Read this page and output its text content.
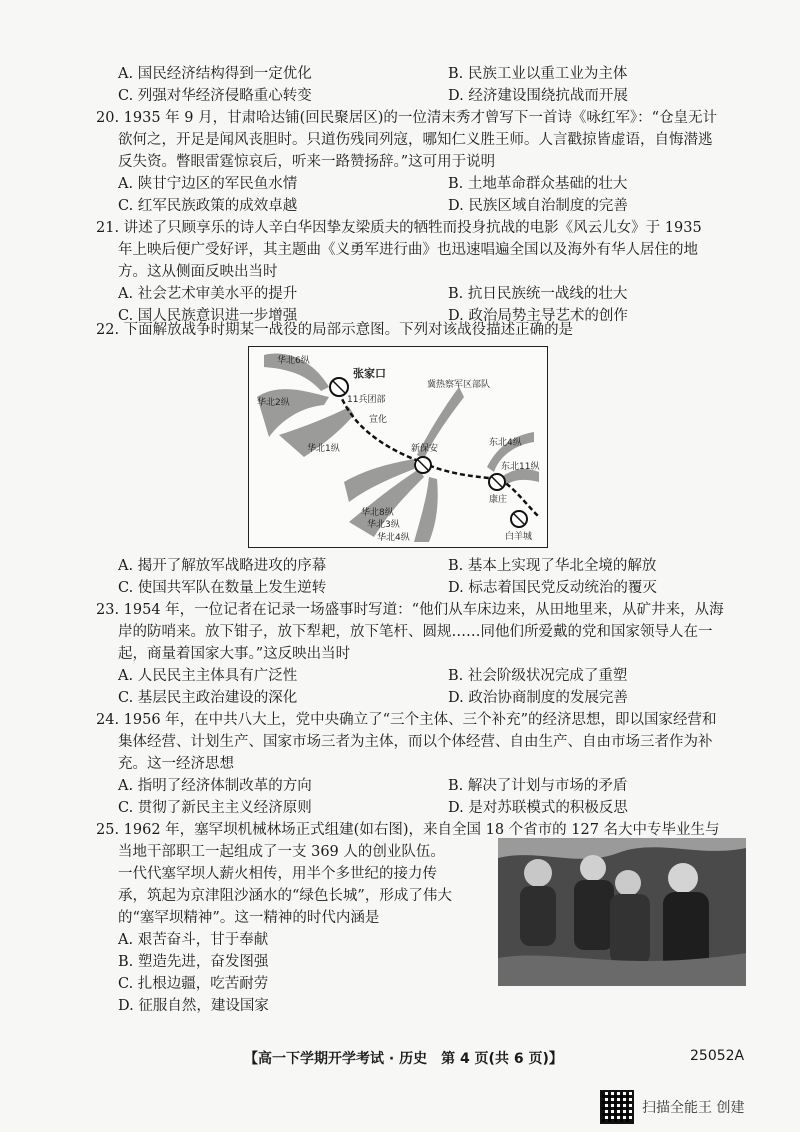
A. 国民经济结构得到一定优化	B. 民族工业以重工业为主体
C. 列强对华经济侵略重心转变	D. 经济建设围绕抗战而开展
20. 1935 年 9 月，甘肃哈达铺(回民聚居区)的一位清末秀才曾写下一首诗《咏红军》：“仓皇无计
欲何之，开足是闻风丧胆时。只道伤残同列寇，哪知仁义胜王师。人言戳掠皆虚语，自悔潜逃
反失资。瞥眼雷霆惊哀后，听来一路赞扬辞。”这可用于说明
A. 陕甘宁边区的军民鱼水情	B. 土地革命群众基础的壮大
C. 红军民族政策的成效卓越	D. 民族区域自治制度的完善
21. 讲述了只顾享乐的诗人辛白华因挚友梁质夫的牺牲而投身抗战的电影《风云儿女》于 1935
年上映后便广受好评，其主题曲《义勇军进行曲》也迅速唱遍全国以及海外有华人居住的地
方。这从侧面反映出当时
A. 社会艺术审美水平的提升	B. 抗日民族统一战线的壮大
C. 国人民族意识进一步增强	D. 政治局势主导艺术的创作
22. 下面解放战争时期某一战役的局部示意图。下列对该战役描述正确的是
华北6纵
张家口
华北2纵	11兵团部
宣化
冀热察军区部队
华北1纵	新保安
东北4纵
东北11纵
华北8纵
华北3纵
华北4纵
康庄
白羊城
A. 揭开了解放军战略进攻的序幕	B. 基本上实现了华北全境的解放
C. 使国共军队在数量上发生逆转	D. 标志着国民党反动统治的覆灭
23. 1954 年，一位记者在记录一场盛事时写道：“他们从车床边来，从田地里来，从矿井来，从海
岸的防哨来。放下钳子，放下犁耙，放下笔杆、圆规……同他们所爱戴的党和国家领导人在一
起，商量着国家大事。”这反映出当时
A. 人民民主主体具有广泛性	B. 社会阶级状况完成了重塑
C. 基层民主政治建设的深化	D. 政治协商制度的发展完善
24. 1956 年，在中共八大上，党中央确立了“三个主体、三个补充”的经济思想，即以国家经营和
集体经营、计划生产、国家市场三者为主体，而以个体经营、自由生产、自由市场三者作为补
充。这一经济思想
A. 指明了经济体制改革的方向	B. 解决了计划与市场的矛盾
C. 贯彻了新民主主义经济原则	D. 是对苏联模式的积极反思
25. 1962 年，塞罕坝机械林场正式组建(如右图)，来自全国 18 个省市的 127 名大中专毕业生与
当地干部职工一起组成了一支 369 人的创业队伍。
一代代塞罕坝人薪火相传，用半个多世纪的接力传
承，筑起为京津阻沙涵水的“绿色长城”，形成了伟大
的“塞罕坝精神”。这一精神的时代内涵是
A. 艰苦奋斗，甘于奉献
B. 塑造先进，奋发图强
C. 扎根边疆，吃苦耐劳
D. 征服自然，建设国家
【高一下学期开学考试 · 历史　第 4 页(共 6 页)】	25052A
扫描全能王 创建
